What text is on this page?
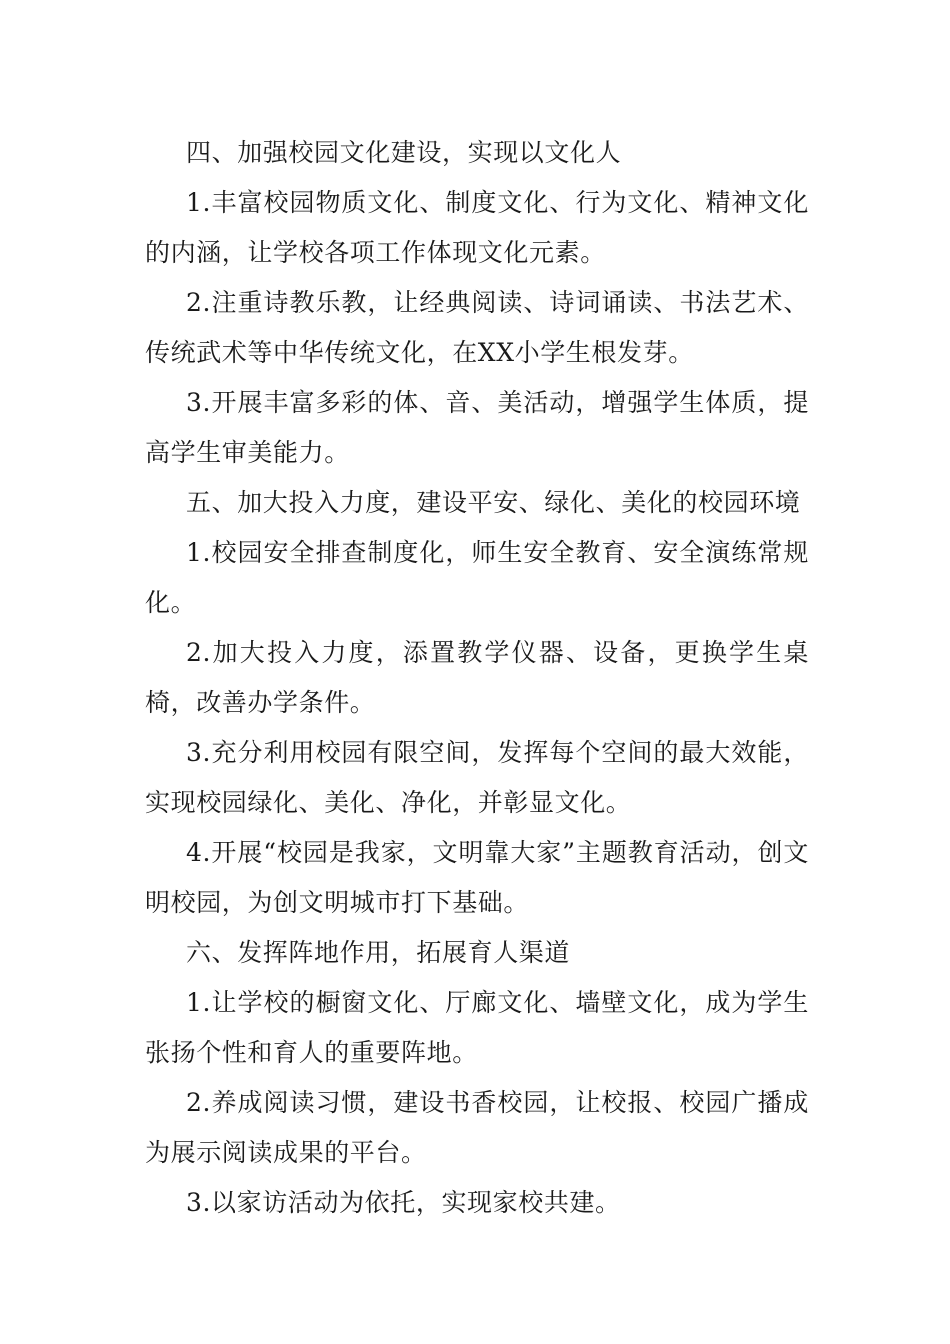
四、加强校园文化建设，实现以文化人

1.丰富校园物质文化、制度文化、行为文化、精神文化的内涵，让学校各项工作体现文化元素。

2.注重诗教乐教，让经典阅读、诗词诵读、书法艺术、传统武术等中华传统文化，在XX小学生根发芽。

3.开展丰富多彩的体、音、美活动，增强学生体质，提高学生审美能力。

五、加大投入力度，建设平安、绿化、美化的校园环境

1.校园安全排查制度化，师生安全教育、安全演练常规化。

2.加大投入力度，添置教学仪器、设备，更换学生桌椅，改善办学条件。

3.充分利用校园有限空间，发挥每个空间的最大效能，实现校园绿化、美化、净化，并彰显文化。

4.开展“校园是我家，文明靠大家”主题教育活动，创文明校园，为创文明城市打下基础。

六、发挥阵地作用，拓展育人渠道

1.让学校的橱窗文化、厅廊文化、墙壁文化，成为学生张扬个性和育人的重要阵地。

2.养成阅读习惯，建设书香校园，让校报、校园广播成为展示阅读成果的平台。

3.以家访活动为依托，实现家校共建。
